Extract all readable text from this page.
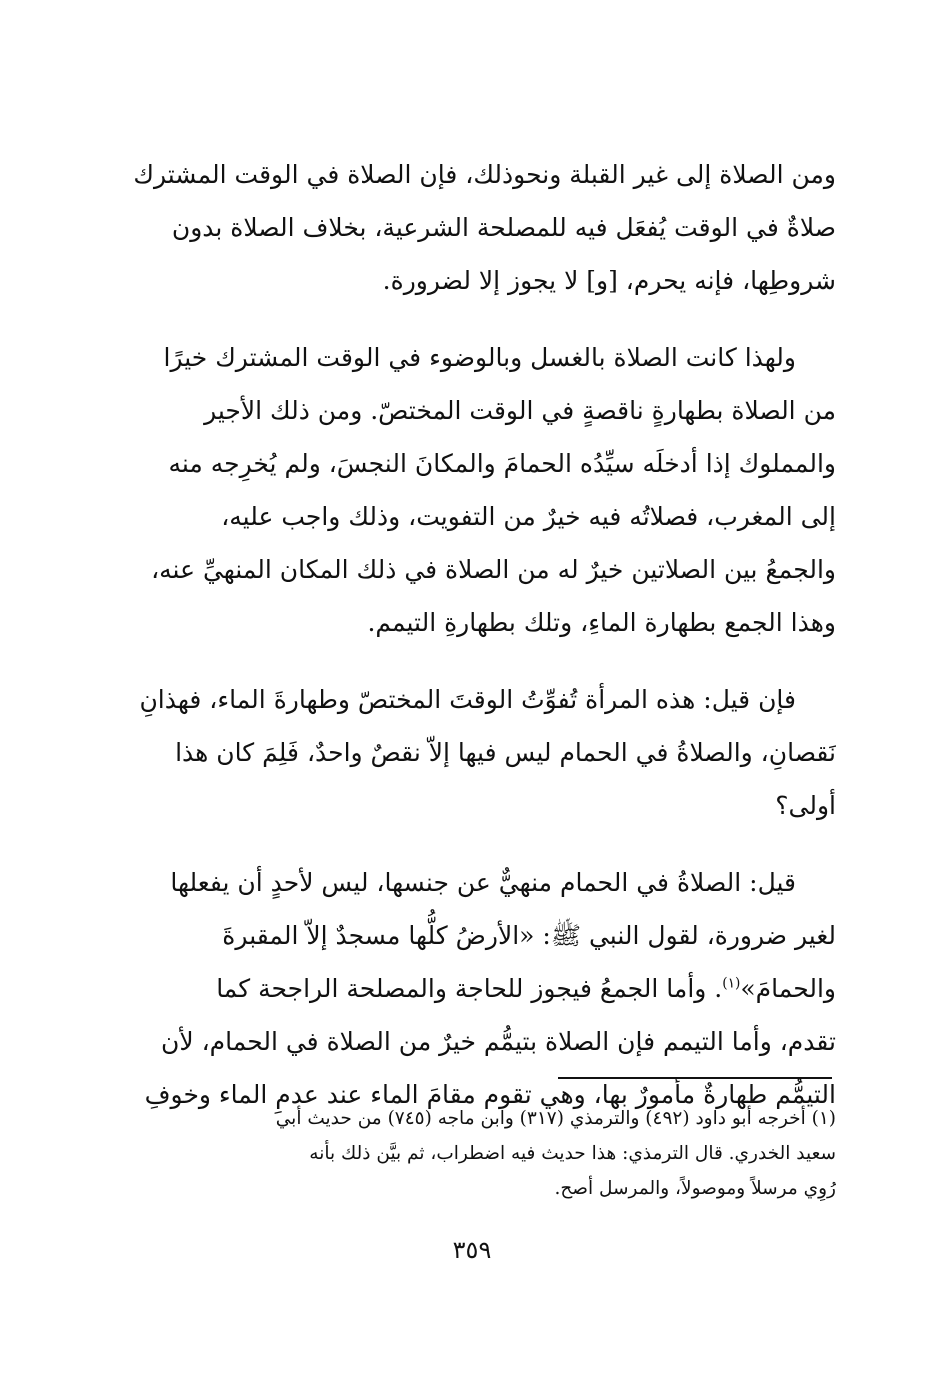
ومن الصلاة إلى غير القبلة ونحوذلك، فإن الصلاة في الوقت المشترك
صلاةٌ في الوقت يُفعَل فيه للمصلحة الشرعية، بخلاف الصلاة بدون
شروطِها، فإنه يحرم، [و] لا يجوز إلا لضرورة.
ولهذا كانت الصلاة بالغسل وبالوضوء في الوقت المشترك خيرًا
من الصلاة بطهارةٍ ناقصةٍ في الوقت المختصّ. ومن ذلك الأجير
والمملوك إذا أدخلَه سيِّدُه الحمامَ والمكانَ النجسَ، ولم يُخرِجه منه
إلى المغرب، فصلاتُه فيه خيرٌ من التفويت، وذلك واجب عليه،
والجمعُ بين الصلاتين خيرٌ له من الصلاة في ذلك المكان المنهيِّ عنه،
وهذا الجمع بطهارة الماءِ، وتلك بطهارةِ التيمم.
فإن قيل: هذه المرأة تُفوِّتُ الوقتَ المختصّ وطهارةَ الماء، فهذانِ
نَقصانِ، والصلاةُ في الحمام ليس فيها إلاّ نقصٌ واحدٌ، فَلِمَ كان هذا
أولى؟
قيل: الصلاةُ في الحمام منهيٌّ عن جنسها، ليس لأحدٍ أن يفعلها
لغير ضرورة، لقول النبي ﷺ: «الأرضُ كلُّها مسجدٌ إلاّ المقبرةَ
والحمامَ»$^{(١)}$. وأما الجمعُ فيجوز للحاجة والمصلحة الراجحة كما
تقدم، وأما التيمم فإن الصلاة بتيمُّم خيرٌ من الصلاة في الحمام، لأن
التيمُّم طهارةٌ مأمورٌ بها، وهي تقوم مقامَ الماء عند عدمِ الماء وخوفِ
(١) أخرجه أبو داود (٤٩٢) والترمذي (٣١٧) وابن ماجه (٧٤٥) من حديث أبي
سعيد الخدري. قال الترمذي: هذا حديث فيه اضطراب، ثم بيَّن ذلك بأنه
رُوِي مرسلاً وموصولاً، والمرسل أصح.
٣٥٩
